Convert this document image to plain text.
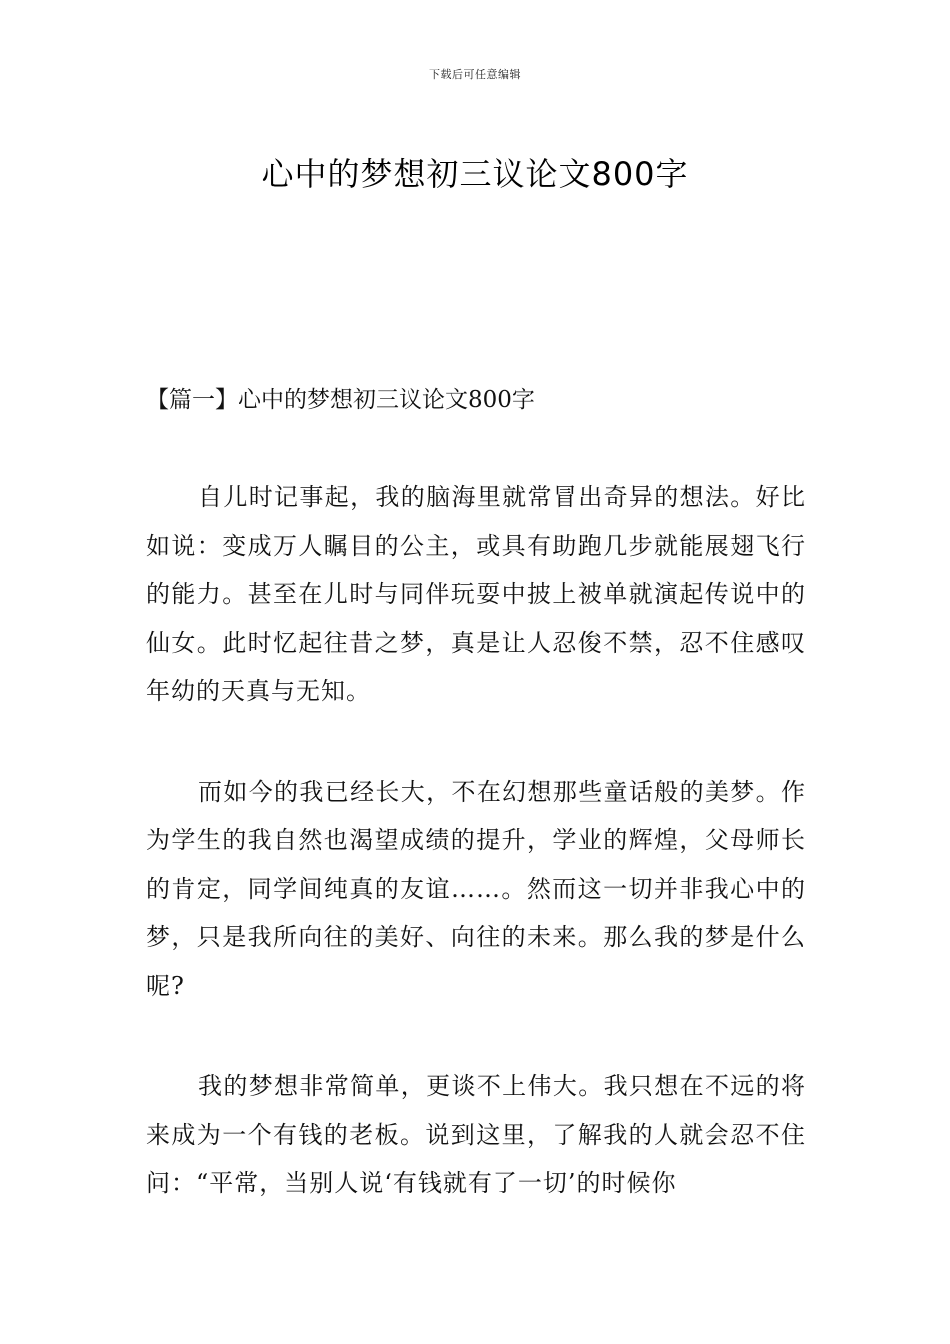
下载后可任意编辑
心中的梦想初三议论文800字
【篇一】心中的梦想初三议论文800字

自儿时记事起，我的脑海里就常冒出奇异的想法。好比如说：变成万人瞩目的公主，或具有助跑几步就能展翅飞行的能力。甚至在儿时与同伴玩耍中披上被单就演起传说中的仙女。此时忆起往昔之梦，真是让人忍俊不禁，忍不住感叹年幼的天真与无知。

而如今的我已经长大，不在幻想那些童话般的美梦。作为学生的我自然也渴望成绩的提升，学业的辉煌，父母师长的肯定，同学间纯真的友谊……。然而这一切并非我心中的梦，只是我所向往的美好、向往的未来。那么我的梦是什么呢?

我的梦想非常简单，更谈不上伟大。我只想在不远的将来成为一个有钱的老板。说到这里，了解我的人就会忍不住问：“平常，当别人说‘有钱就有了一切’的时候你
